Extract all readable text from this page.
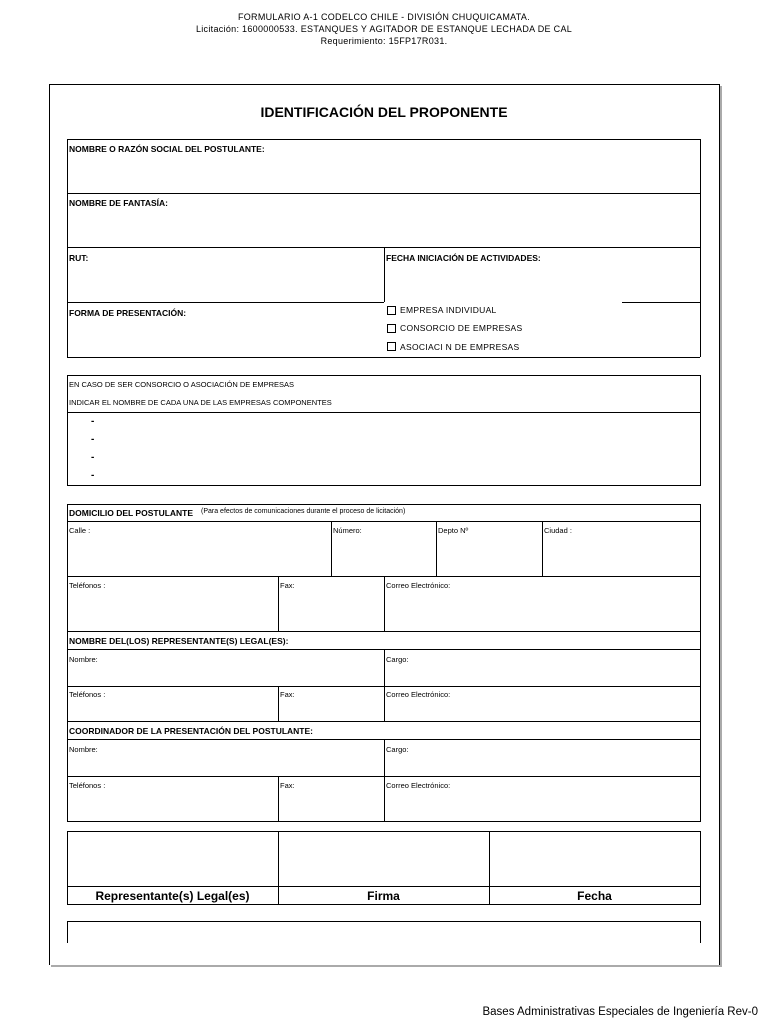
FORMULARIO A-1 CODELCO CHILE - DIVISIÓN CHUQUICAMATA.
Licitación: 1600000533. ESTANQUES Y AGITADOR DE ESTANQUE LECHADA DE CAL
Requerimiento: 15FP17R031.
IDENTIFICACIÓN DEL PROPONENTE
NOMBRE O RAZÓN SOCIAL DEL POSTULANTE:
NOMBRE DE FANTASÍA:
RUT:	FECHA INICIACIÓN DE ACTIVIDADES:
FORMA DE PRESENTACIÓN:	EMPRESA INDIVIDUAL
CONSORCIO DE EMPRESAS
ASOCIACI N DE EMPRESAS
EN CASO DE SER CONSORCIO O ASOCIACIÓN DE EMPRESAS
INDICAR EL NOMBRE DE CADA UNA DE LAS EMPRESAS COMPONENTES
-
-
-
-
DOMICILIO DEL POSTULANTE (Para efectos de comunicaciones durante el proceso de licitación)
Calle :	Número:	Depto Nº	Ciudad :
Teléfonos :	Fax:	Correo Electrónico:
NOMBRE DEL(LOS) REPRESENTANTE(S) LEGAL(ES):
Nombre:	Cargo:
Teléfonos :	Fax:	Correo Electrónico:
COORDINADOR DE LA PRESENTACIÓN DEL POSTULANTE:
Nombre:	Cargo:
Teléfonos :	Fax:	Correo Electrónico:
Representante(s) Legal(es)	Firma	Fecha
Bases Administrativas Especiales de Ingeniería Rev-0
